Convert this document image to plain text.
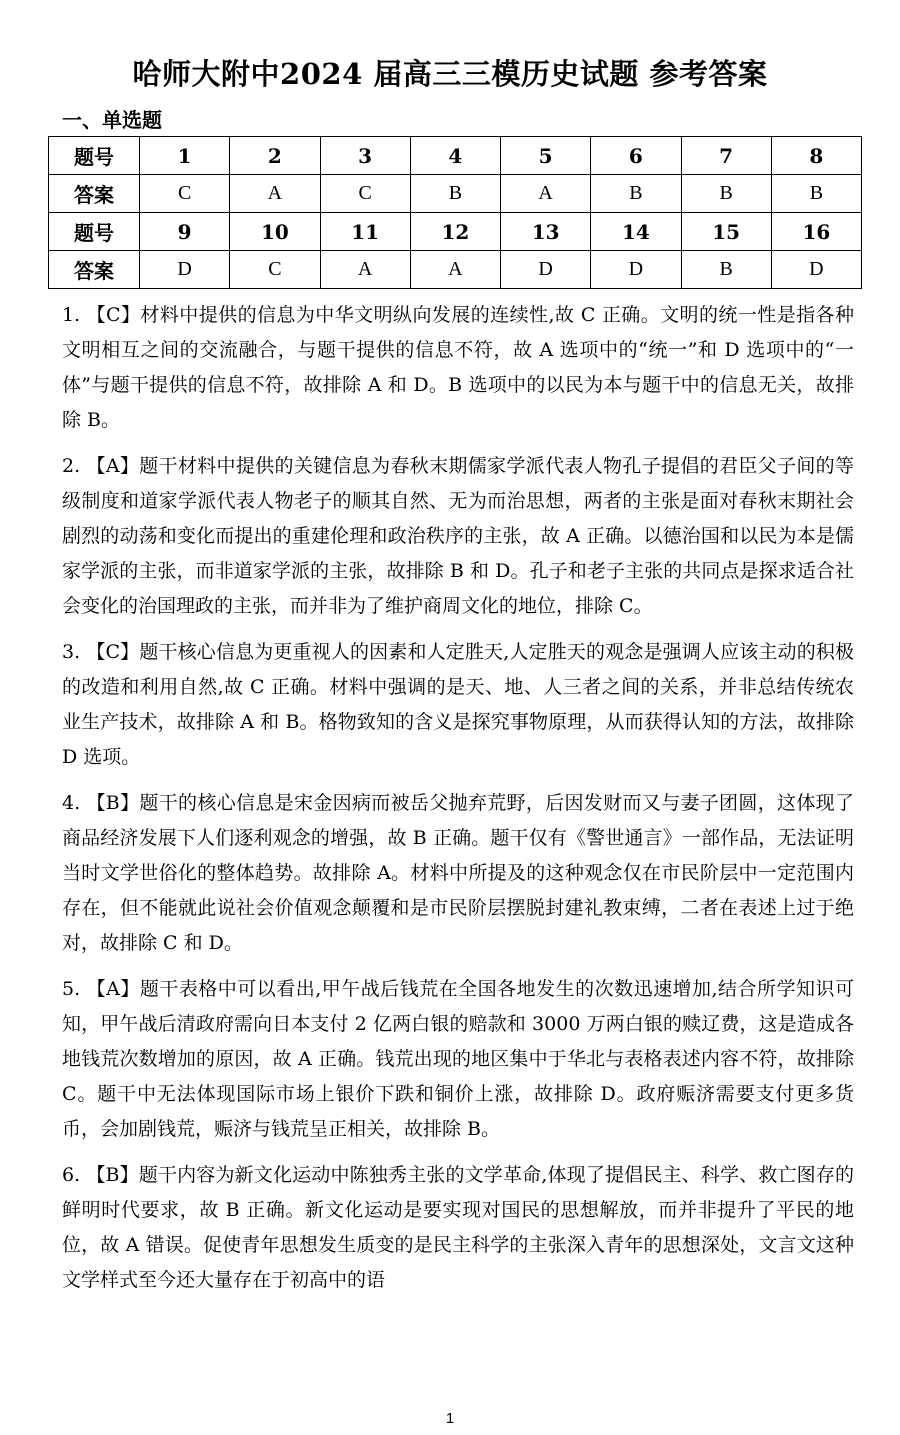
哈师大附中2024 届高三三模历史试题 参考答案
一、单选题
题号	1	2	3	4	5	6	7	8
答案	C	A	C	B	A	B	B	B
题号	9	10	11	12	13	14	15	16
答案	D	C	A	A	D	D	B	D

1. 【C】材料中提供的信息为中华文明纵向发展的连续性,故 C 正确。文明的统一性是指各种文明相互之间的交流融合，与题干提供的信息不符，故 A 选项中的“统一”和 D 选项中的“一体”与题干提供的信息不符，故排除 A 和 D。B 选项中的以民为本与题干中的信息无关，故排除 B。

2. 【A】题干材料中提供的关键信息为春秋末期儒家学派代表人物孔子提倡的君臣父子间的等级制度和道家学派代表人物老子的顺其自然、无为而治思想，两者的主张是面对春秋末期社会剧烈的动荡和变化而提出的重建伦理和政治秩序的主张，故 A 正确。以德治国和以民为本是儒家学派的主张，而非道家学派的主张，故排除 B 和 D。孔子和老子主张的共同点是探求适合社会变化的治国理政的主张，而并非为了维护商周文化的地位，排除 C。

3. 【C】题干核心信息为更重视人的因素和人定胜天,人定胜天的观念是强调人应该主动的积极的改造和利用自然,故 C 正确。材料中强调的是天、地、人三者之间的关系，并非总结传统农业生产技术，故排除 A 和 B。格物致知的含义是探究事物原理，从而获得认知的方法，故排除 D 选项。

4. 【B】题干的核心信息是宋金因病而被岳父抛弃荒野，后因发财而又与妻子团圆，这体现了商品经济发展下人们逐利观念的增强，故 B 正确。题干仅有《警世通言》一部作品，无法证明当时文学世俗化的整体趋势。故排除 A。材料中所提及的这种观念仅在市民阶层中一定范围内存在，但不能就此说社会价值观念颠覆和是市民阶层摆脱封建礼教束缚，二者在表述上过于绝对，故排除 C 和 D。

5. 【A】题干表格中可以看出,甲午战后钱荒在全国各地发生的次数迅速增加,结合所学知识可知，甲午战后清政府需向日本支付 2 亿两白银的赔款和 3000 万两白银的赎辽费，这是造成各地钱荒次数增加的原因，故 A 正确。钱荒出现的地区集中于华北与表格表述内容不符，故排除 C。题干中无法体现国际市场上银价下跌和铜价上涨，故排除 D。政府赈济需要支付更多货币，会加剧钱荒，赈济与钱荒呈正相关，故排除 B。

6. 【B】题干内容为新文化运动中陈独秀主张的文学革命,体现了提倡民主、科学、救亡图存的鲜明时代要求，故 B 正确。新文化运动是要实现对国民的思想解放，而并非提升了平民的地位，故 A 错误。促使青年思想发生质变的是民主科学的主张深入青年的思想深处，文言文这种文学样式至今还大量存在于初高中的语

1
